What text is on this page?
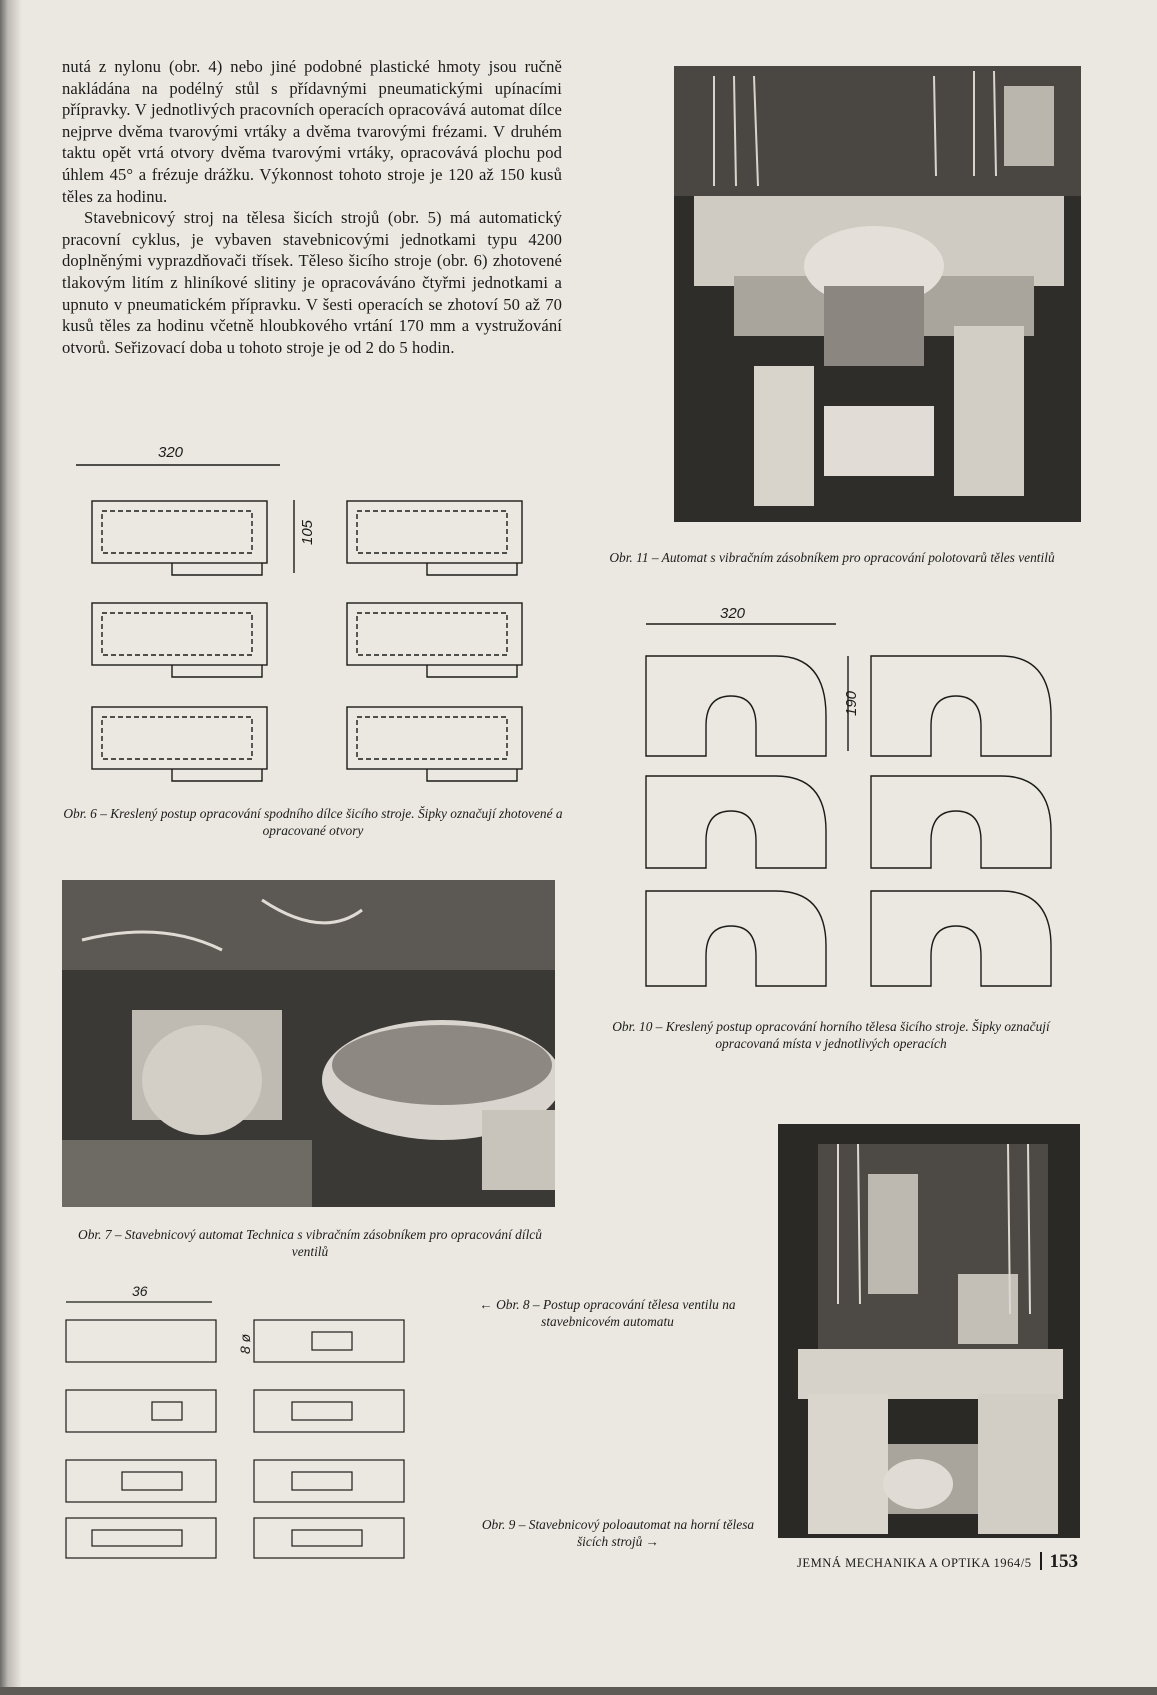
nutá z nylonu (obr. 4) nebo jiné podobné plastické hmoty jsou ručně nakládána na podélný stůl s přídavnými pneumatickými upínacími přípravky. V jednotlivých pracovních operacích opracovává automat dílce nejprve dvěma tvarovými vrtáky a dvěma tvarovými frézami. V druhém taktu opět vrtá otvory dvěma tvarovými vrtáky, opracovává plochu pod úhlem 45° a frézuje drážku. Výkonnost tohoto stroje je 120 až 150 kusů těles za hodinu.

Stavebnicový stroj na tělesa šicích strojů (obr. 5) má automatický pracovní cyklus, je vybaven stavebnicovými jednotkami typu 4200 doplněnými vyprazdňovači třísek. Těleso šicího stroje (obr. 6) zhotovené tlakovým litím z hliníkové slitiny je opracováváno čtyřmi jednotkami a upnuto v pneumatickém přípravku. V šesti operacích se zhotoví 50 až 70 kusů těles za hodinu včetně hloubkového vrtání 170 mm a vystružování otvorů. Seřizovací doba u tohoto stroje je od 2 do 5 hodin.

Obr. 11 – Automat s vibračním zásobníkem pro opracování polotovarů těles ventilů
320
105
Obr. 6 – Kreslený postup opracování spodního dílce šicího stroje. Šipky označují zhotovené a opracované otvory
320
190
Obr. 10 – Kreslený postup opracování horního tělesa šicího stroje. Šipky označují opracovaná místa v jednotlivých operacích
Obr. 7 – Stavebnicový automat Technica s vibračním zásobníkem pro opracování dílců ventilů
36
8 ø
← Obr. 8 – Postup opracování tělesa ventilu na stavebnicovém automatu
Obr. 9 – Stavebnicový poloautomat na horní tělesa šicích strojů →
JEMNÁ MECHANIKA A OPTIKA 1964/5 153
